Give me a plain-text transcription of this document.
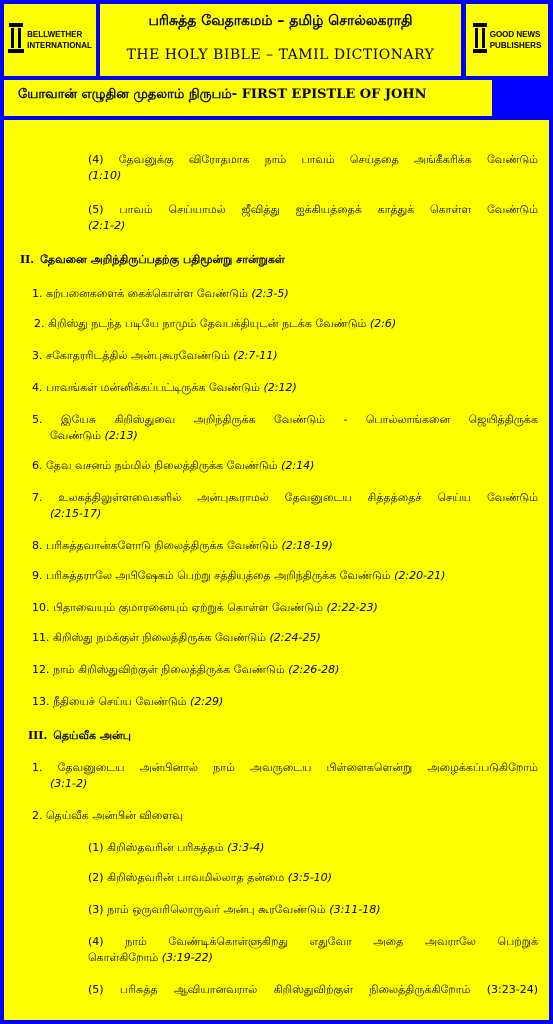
BELLWETHER
INTERNATIONAL
பரிசுத்த வேதாகமம் – தமிழ் சொல்லகராதி
THE HOLY BIBLE – TAMIL DICTIONARY
GOOD NEWS
PUBLISHERS
யோவான் எழுதின முதலாம் நிருபம்- FIRST EPISTLE OF JOHN
(4) தேவனுக்கு விரோதமாக நாம் பாவம் செய்ததை அங்கீகரிக்க வேண்டும்
(1:10)
(5) பாவம் செய்யாமல் ஜீவித்து ஐக்கியத்தைக் காத்துக் கொள்ள வேண்டும்
(2:1-2)
II. தேவனை அறிந்திருப்பதற்கு பதிமூன்று சான்றுகள்
1. கற்பனைகளைக் கைக்கொள்ள வேண்டும் (2:3-5)
2. கிறிஸ்து நடந்த படியே நாமும் தேவபக்தியுடன் நடக்க வேண்டும் (2:6)
3. சகோதரரிடத்தில் அன்புகூரவேண்டும் (2:7-11)
4. பாவங்கள் மன்னிக்கப்பட்டிருக்க வேண்டும் (2:12)
5. இயேசு கிறிஸ்துவை அறிந்திருக்க வேண்டும் - பொல்லாங்கனை ஜெயித்திருக்க
வேண்டும் (2:13)
6. தேவ வசனம் நம்மில் நிலைத்திருக்க வேண்டும் (2:14)
7. உலகத்திலுள்ளவைகளில் அன்புகூராமல் தேவனுடைய சித்தத்தைச் செய்ய வேண்டும்
(2:15-17)
8. பரிசுத்தவான்களோடு நிலைத்திருக்க வேண்டும் (2:18-19)
9. பரிசுத்தராலே அபிஷேகம் பெற்று சத்தியத்தை அறிந்திருக்க வேண்டும் (2:20-21)
10. பிதாவையும் குமாரனையும் ஏற்றுக் கொள்ள வேண்டும் (2:22-23)
11. கிறிஸ்து நமக்குள் நிலைத்திருக்க வேண்டும் (2:24-25)
12. நாம் கிறிஸ்துவிற்குள் நிலைத்திருக்க வேண்டும் (2:26-28)
13. நீதியைச் செய்ய வேண்டும் (2:29)
III. தெய்வீக அன்பு
1. தேவனுடைய அன்பினால் நாம் அவருடைய பிள்ளைகளென்று அழைக்கப்படுகிறோம்
(3:1-2)
2. தெய்வீக அன்பின் விளைவு
(1) கிறிஸ்தவரின் பரிசுத்தம் (3:3-4)
(2) கிறிஸ்தவரின் பாவமில்லாத தன்மை (3:5-10)
(3) நாம் ஒருவரிலொருவர் அன்பு கூரவேண்டும் (3:11-18)
(4) நாம் வேண்டிக்கொள்ளுகிறது எதுவோ அதை அவராலே பெற்றுக்
கொள்கிறோம் (3:19-22)
(5) பரிசுத்த ஆவியானவரால் கிறிஸ்துவிற்குள் நிலைத்திருக்கிறோம் (3:23-24)
